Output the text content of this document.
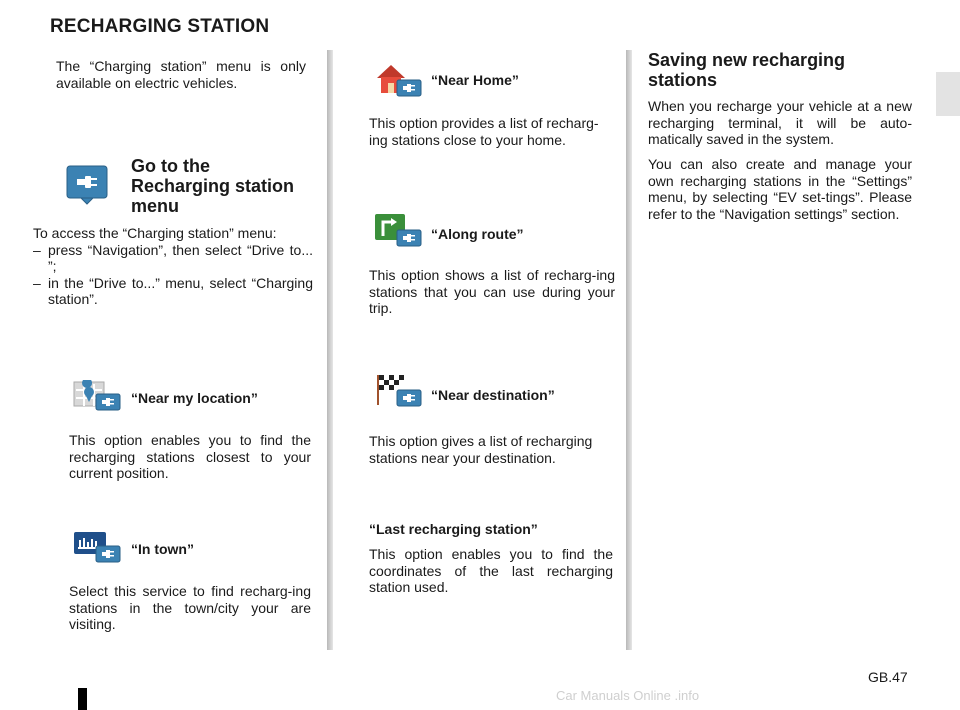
RECHARGING STATION

The “Charging station” menu is only available on electric vehicles.

Go to the Recharging station menu

To access the “Charging station” menu:

– press “Navigation”, then select “Drive to... ”;
– in the “Drive to...” menu, select “Charging station”.
“Near my location”

This option enables you to find the recharging stations closest to your current position.

“In town”

Select this service to find recharg-ing stations in the town/city your are visiting.

“Near Home”

This option provides a list of recharg-ing stations close to your home.

“Along route”

This option shows a list of recharg-ing stations that you can use during your trip.

“Near destination”

This option gives a list of recharging stations near your destination.

“Last recharging station”

This option enables you to find the coordinates of the last recharging station used.

Saving new recharging stations

When you recharge your vehicle at a new recharging terminal, it will be auto-matically saved in the system.

You can also create and manage your own recharging stations in the “Settings” menu, by selecting “EV set-tings”. Please refer to the “Navigation settings” section.

GB.47
Car Manuals Online .info
